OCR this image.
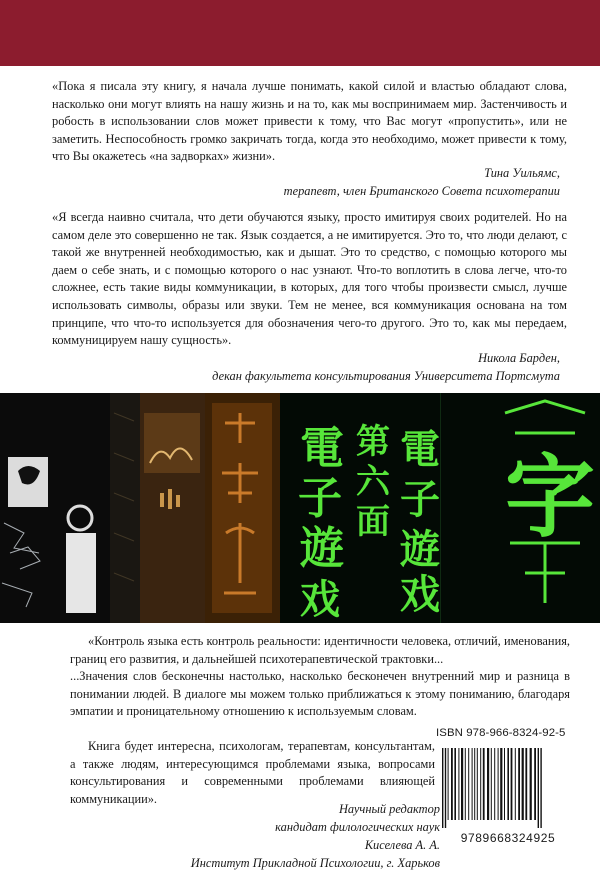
«Пока я писала эту книгу, я начала лучше понимать, какой силой и властью обладают слова, насколько они могут влиять на нашу жизнь и на то, как мы воспринимаем мир. Застенчивость и робость в использовании слов может привести к тому, что Вас могут «пропустить», или не заметить. Неспособность громко закричать тогда, когда это необходимо, может привести к тому, что Вы окажетесь «на задворках» жизни».

Тина Уильямс,
терапевт, член Британского Совета психотерапии

«Я всегда наивно считала, что дети обучаются языку, просто имитируя своих родителей. Но на самом деле это совершенно не так. Язык создается, а не имитируется. Это то, что люди делают, с такой же внутренней необходимостью, как и дышат. Это то средство, с помощью которого мы даем о себе знать, и с помощью которого о нас узнают. Что-то воплотить в слова легче, что-то сложнее, есть такие виды коммуникации, в которых, для того чтобы произвести смысл, лучше использовать символы, образы или звуки. Тем не менее, вся коммуникация основана на том принципе, что что-то используется для обозначения чего-то другого. Это то, как мы передаем, коммуницируем нашу сущность».

Никола Барден,
декан факультета консультирования Университета Портсмута
電
子
遊
戏
第
六
面
電
子
遊
戏
字

«Контроль языка есть контроль реальности: идентичности человека, отличий, именования, границ его развития, и дальнейшей психотерапевтической трактовки...

...Значения слов бесконечны настолько, насколько бесконечен внутренний мир и разница в понимании людей. В диалоге мы можем только приближаться к этому пониманию, благодаря эмпатии и проницательному отношению к используемым словам.

Книга будет интересна, психологам, терапевтам, консультантам, а также людям, интересующимся проблемами языка, вопросами консультирования и современными проблемами влияющей коммуникации».

ISBN 978-966-8324-92-5
9789668324925
Научный редактор
кандидат филологических наук
Киселева А. А.
Институт Прикладной Психологии, г. Харьков
